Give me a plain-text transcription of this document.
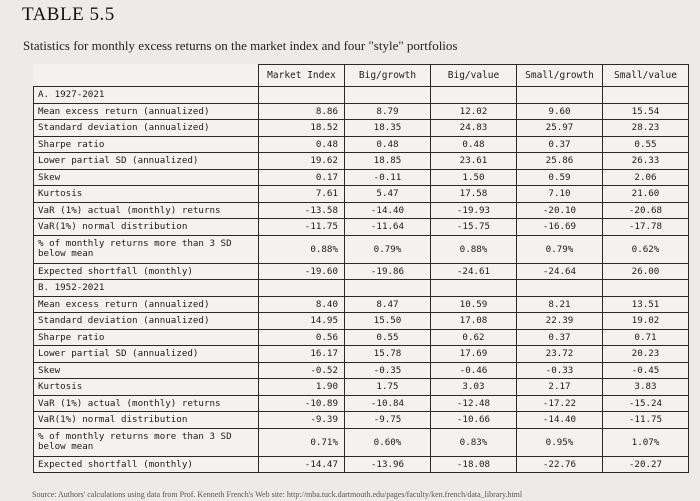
TABLE 5.5
Statistics for monthly excess returns on the market index and four "style" portfolios
	Market Index	Big/growth	Big/value	Small/growth	Small/value
A. 1927-2021					
Mean excess return (annualized)	8.86	8.79	12.02	9.60	15.54
Standard deviation (annualized)	18.52	18.35	24.83	25.97	28.23
Sharpe ratio	0.48	0.48	0.48	0.37	0.55
Lower partial SD (annualized)	19.62	18.85	23.61	25.86	26.33
Skew	0.17	-0.11	1.50	0.59	2.06
Kurtosis	7.61	5.47	17.58	7.10	21.60
VaR (1%) actual (monthly) returns	-13.58	-14.40	-19.93	-20.10	-20.68
VaR(1%) normal distribution	-11.75	-11.64	-15.75	-16.69	-17.78
% of monthly returns more than 3 SD below mean	0.88%	0.79%	0.88%	0.79%	0.62%
Expected shortfall (monthly)	-19.60	-19.86	-24.61	-24.64	26.00
B. 1952-2021					
Mean excess return (annualized)	8.40	8.47	10.59	8.21	13.51
Standard deviation (annualized)	14.95	15.50	17.08	22.39	19.02
Sharpe ratio	0.56	0.55	0.62	0.37	0.71
Lower partial SD (annualized)	16.17	15.78	17.69	23.72	20.23
Skew	-0.52	-0.35	-0.46	-0.33	-0.45
Kurtosis	1.90	1.75	3.03	2.17	3.83
VaR (1%) actual (monthly) returns	-10.89	-10.84	-12.48	-17.22	-15.24
VaR(1%) normal distribution	-9.39	-9.75	-10.66	-14.40	-11.75
% of monthly returns more than 3 SD below mean	0.71%	0.60%	0.83%	0.95%	1.07%
Expected shortfall (monthly)	-14.47	-13.96	-18.08	-22.76	-20.27
Source: Authors' calculations using data from Prof. Kenneth French's Web site: http://mba.tuck.dartmouth.edu/pages/faculty/ken.french/data_library.html
